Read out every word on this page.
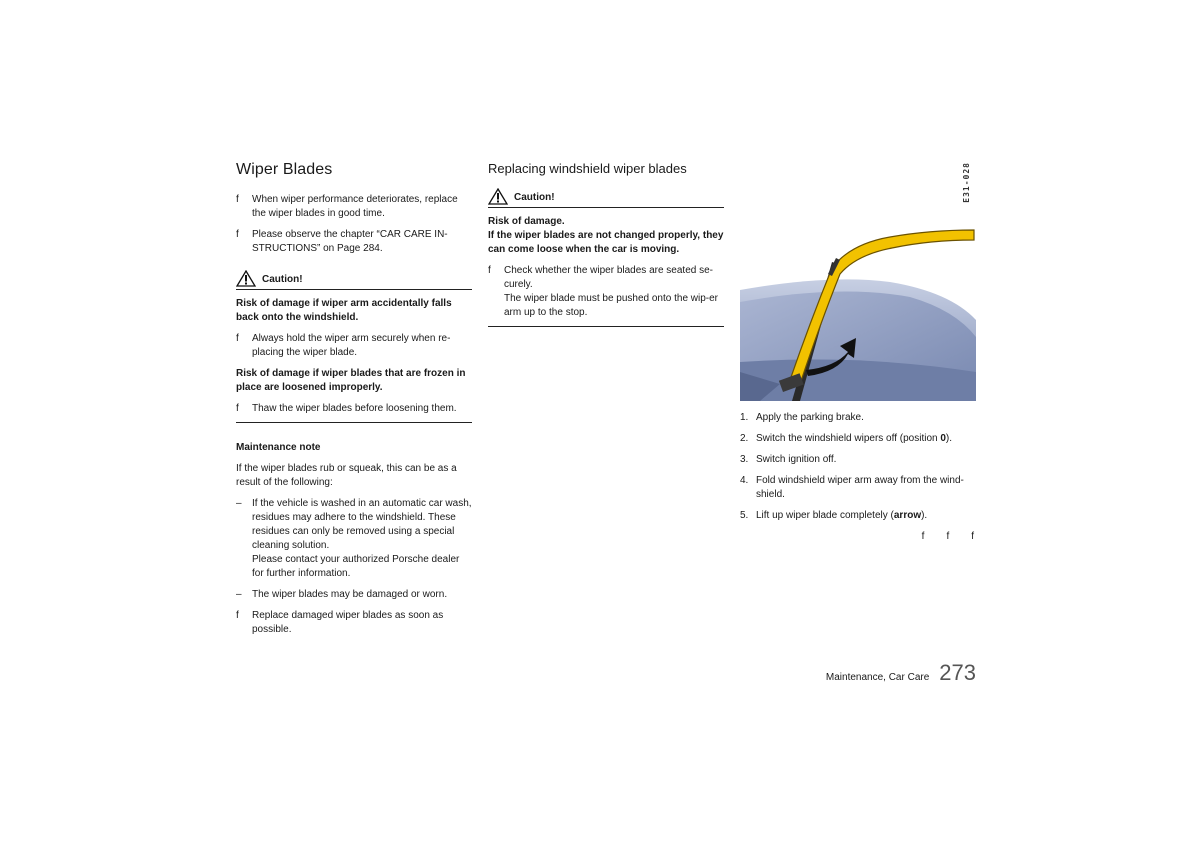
Wiper Blades
f When wiper performance deteriorates, replace the wiper blades in good time.
f Please observe the chapter “CAR CARE IN-STRUCTIONS” on Page 284.
Caution!
Risk of damage if wiper arm accidentally falls back onto the windshield.
f Always hold the wiper arm securely when re-placing the wiper blade.
Risk of damage if wiper blades that are frozen in place are loosened improperly.
f Thaw the wiper blades before loosening them.
Maintenance note

If the wiper blades rub or squeak, this can be as a result of the following:

– If the vehicle is washed in an automatic car wash, residues may adhere to the windshield. These residues can only be removed using a special cleaning solution.
Please contact your authorized Porsche dealer for further information.
– The wiper blades may be damaged or worn.
f Replace damaged wiper blades as soon as possible.
Replacing windshield wiper blades
Caution!
Risk of damage.
If the wiper blades are not changed properly, they can come loose when the car is moving.
f Check whether the wiper blades are seated se-curely.
The wiper blade must be pushed onto the wip-er arm up to the stop.
E31-028
1. Apply the parking brake.
2. Switch the windshield wipers off (position 0).
3. Switch ignition off.
4. Fold windshield wiper arm away from the wind-shield.
5. Lift up wiper blade completely (arrow).
f f f
Maintenance, Car Care 273
